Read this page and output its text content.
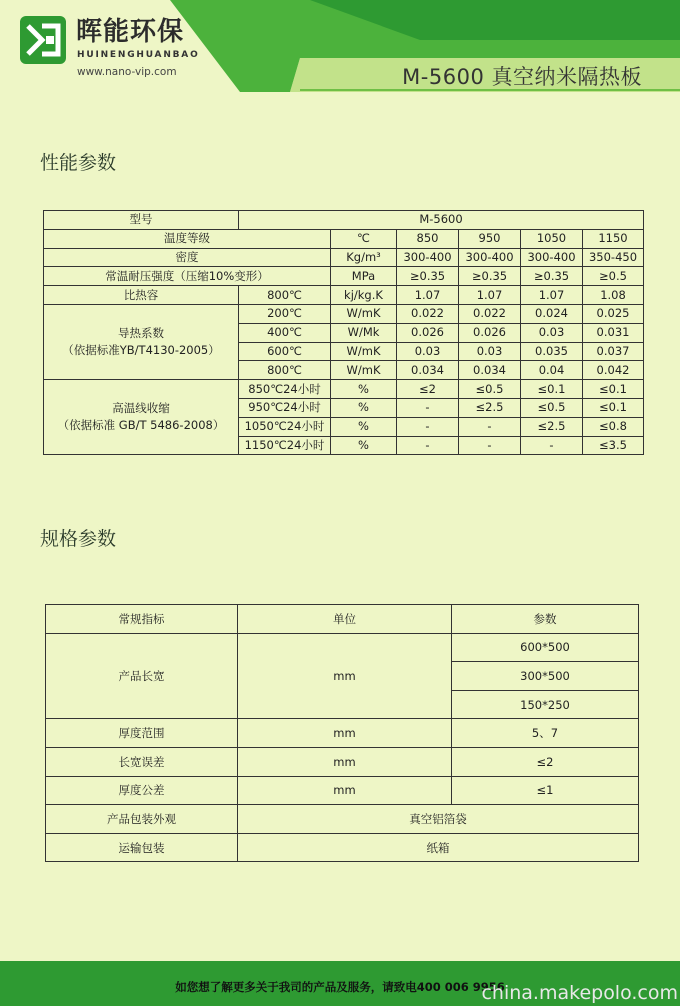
晖能环保
HUINENGHUANBAO
www.nano-vip.com	M-5600 真空纳米隔热板
性能参数
型号	M-5600					
温度等级		℃	850	950	1050	1150
密度		Kg/m³	300-400	300-400	300-400	350-450
常温耐压强度（压缩10%变形）		MPa	≥0.35	≥0.35	≥0.35	≥0.5
比热容	800℃	kj/kg.K	1.07	1.07	1.07	1.08

导热系数
（依据标准YB/T4130-2005）	200℃	W/mK	0.022	0.022	0.024	0.025
	400℃	W/Mk	0.026	0.026	0.03	0.031
	600℃	W/mK	0.03	0.03	0.035	0.037
	800℃	W/mK	0.034	0.034	0.04	0.042

高温线收缩
（依据标准 GB/T 5486-2008）	850℃24小时	%	≤2	≤0.5	≤0.1	≤0.1
	950℃24小时	%	-	≤2.5	≤0.5	≤0.1
	1050℃24小时	%	-	-	≤2.5	≤0.8
	1150℃24小时	%	-	-	-	≤3.5
规格参数
常规指标	单位	参数
产品长宽	mm	600*500
		300*500
		150*250
厚度范围	mm	5、7
长宽误差	mm	≤2
厚度公差	mm	≤1
产品包装外观	真空铝箔袋	
运输包装	纸箱	
如您想了解更多关于我司的产品及服务，请致电400 006 9956
china.makepolo.com
